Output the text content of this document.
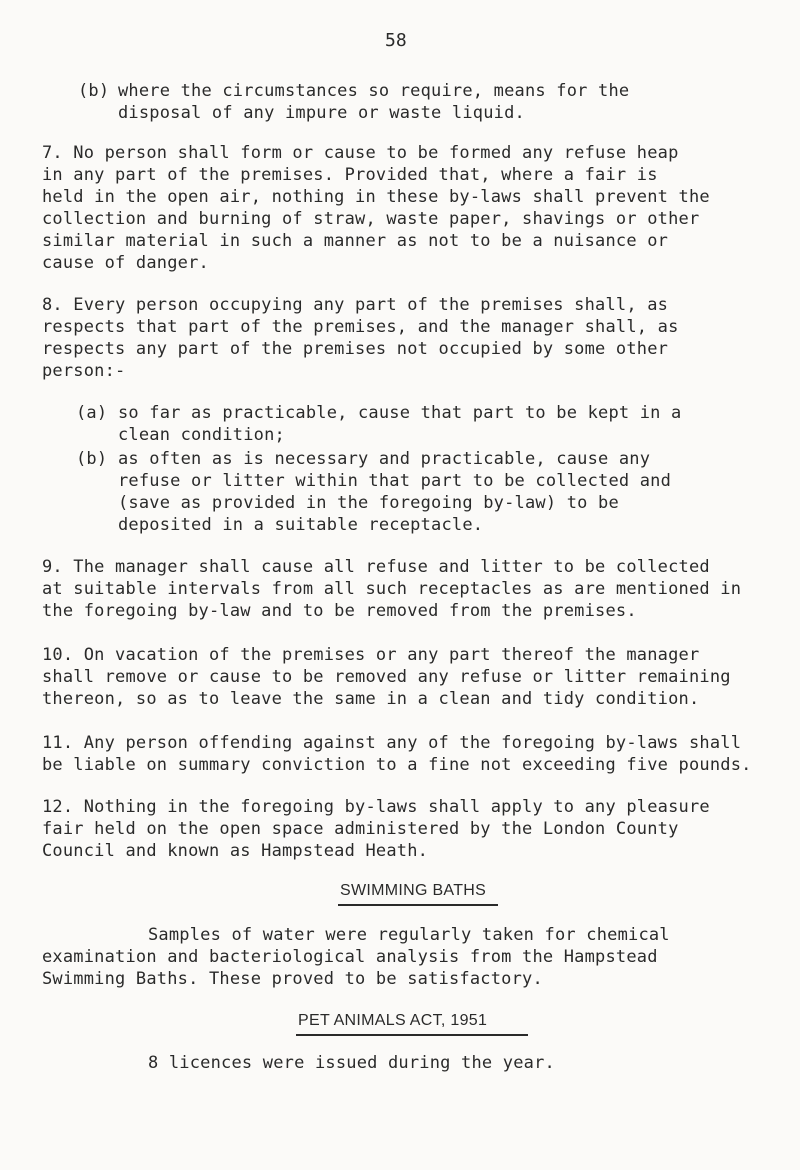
58
(b) where the circumstances so require, means for the
disposal of any impure or waste liquid.
7. No person shall form or cause to be formed any refuse heap
in any part of the premises. Provided that, where a fair is
held in the open air, nothing in these by-laws shall prevent the
collection and burning of straw, waste paper, shavings or other
similar material in such a manner as not to be a nuisance or
cause of danger.
8. Every person occupying any part of the premises shall, as
respects that part of the premises, and the manager shall, as
respects any part of the premises not occupied by some other
person:-
(a) so far as practicable, cause that part to be kept in a
clean condition;
(b) as often as is necessary and practicable, cause any
refuse or litter within that part to be collected and
(save as provided in the foregoing by-law) to be
deposited in a suitable receptacle.
9. The manager shall cause all refuse and litter to be collected
at suitable intervals from all such receptacles as are mentioned in
the foregoing by-law and to be removed from the premises.
10. On vacation of the premises or any part thereof the manager
shall remove or cause to be removed any refuse or litter remaining
thereon, so as to leave the same in a clean and tidy condition.
11. Any person offending against any of the foregoing by-laws shall
be liable on summary conviction to a fine not exceeding five pounds.
12. Nothing in the foregoing by-laws shall apply to any pleasure
fair held on the open space administered by the London County
Council and known as Hampstead Heath.
SWIMMING BATHS
Samples of water were regularly taken for chemical
examination and bacteriological analysis from the Hampstead
Swimming Baths. These proved to be satisfactory.
PET ANIMALS ACT, 1951
8 licences were issued during the year.
